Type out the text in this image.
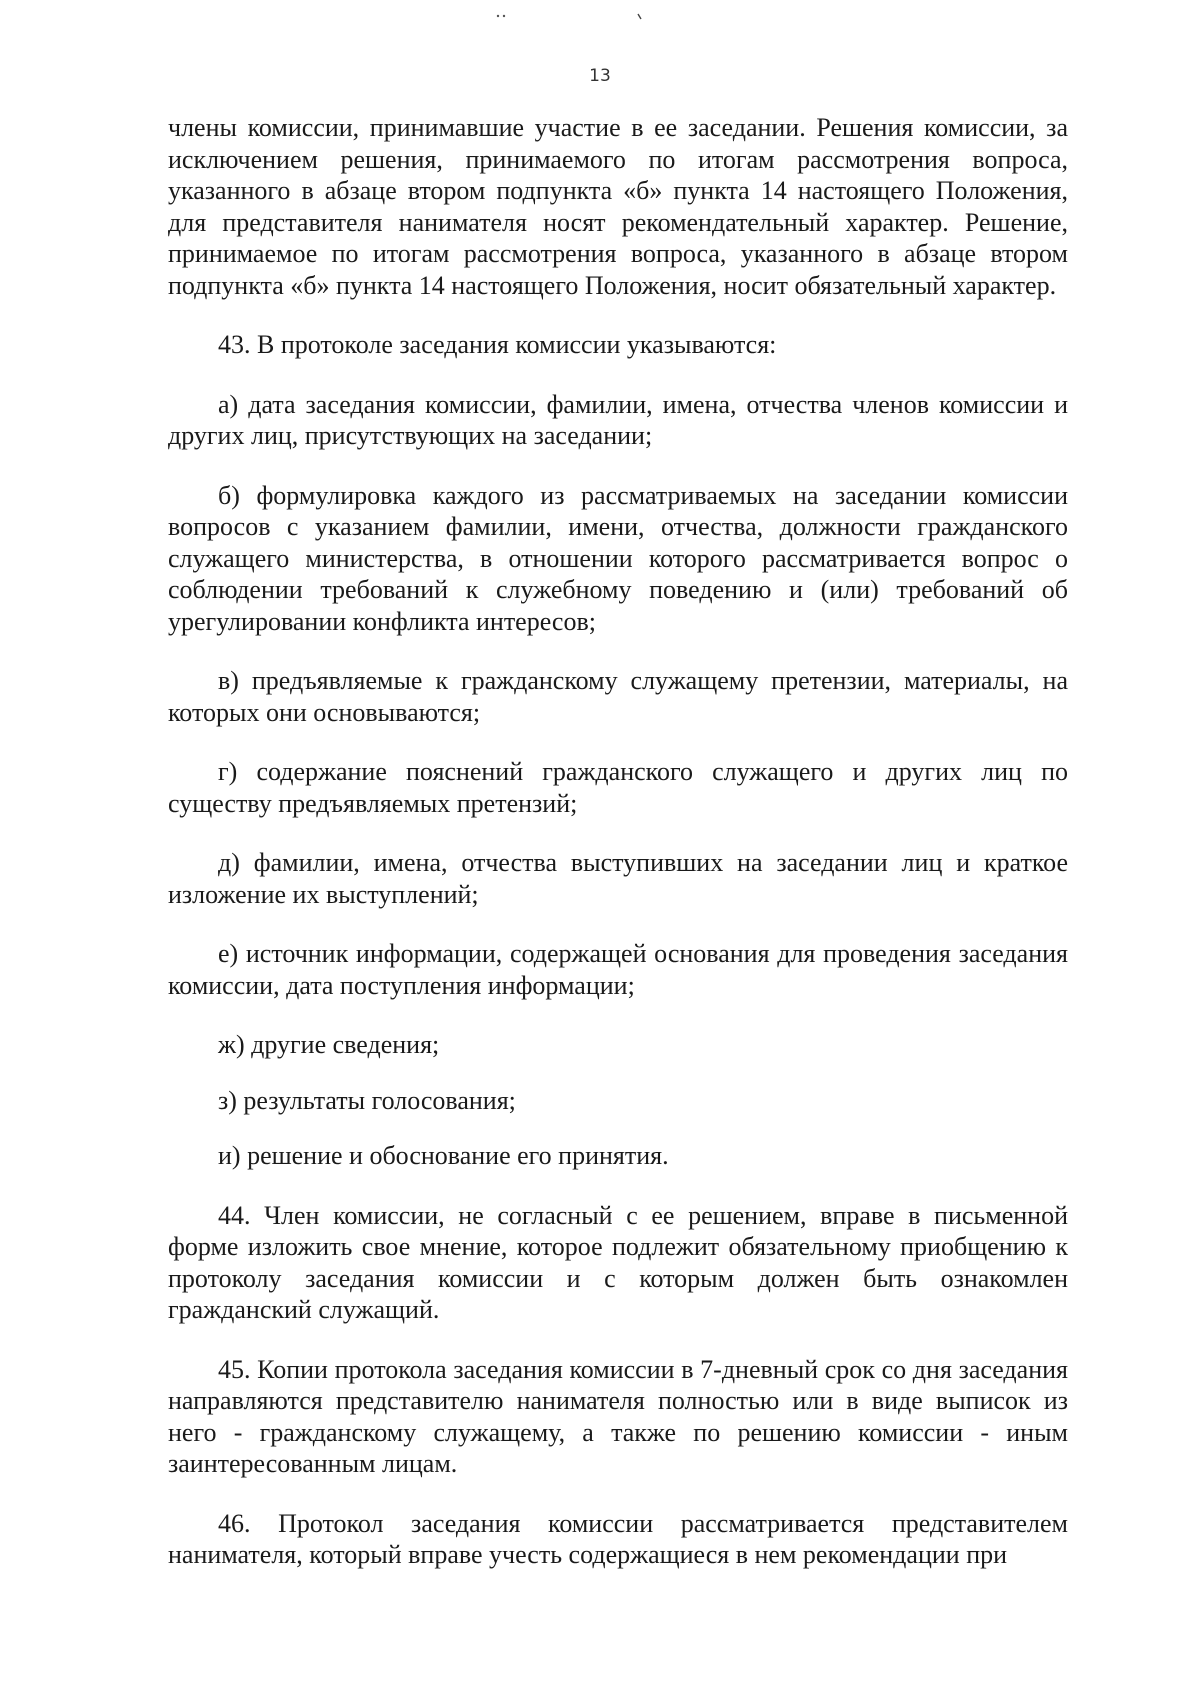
13

члены комиссии, принимавшие участие в ее заседании. Решения комиссии, за исключением решения, принимаемого по итогам рассмотрения вопроса, указанного в абзаце втором подпункта «б» пункта 14 настоящего Положения, для представителя нанимателя носят рекомендательный характер. Решение, принимаемое по итогам рассмотрения вопроса, указанного в абзаце втором подпункта «б» пункта 14 настоящего Положения, носит обязательный характер.

43. В протоколе заседания комиссии указываются:

а) дата заседания комиссии, фамилии, имена, отчества членов комиссии и других лиц, присутствующих на заседании;

б) формулировка каждого из рассматриваемых на заседании комиссии вопросов с указанием фамилии, имени, отчества, должности гражданского служащего министерства, в отношении которого рассматривается вопрос о соблюдении требований к служебному поведению и (или) требований об урегулировании конфликта интересов;

в) предъявляемые к гражданскому служащему претензии, материалы, на которых они основываются;

г) содержание пояснений гражданского служащего и других лиц по существу предъявляемых претензий;

д) фамилии, имена, отчества выступивших на заседании лиц и краткое изложение их выступлений;

е) источник информации, содержащей основания для проведения заседания комиссии, дата поступления информации;

ж) другие сведения;

з) результаты голосования;

и) решение и обоснование его принятия.

44. Член комиссии, не согласный с ее решением, вправе в письменной форме изложить свое мнение, которое подлежит обязательному приобщению к протоколу заседания комиссии и с которым должен быть ознакомлен гражданский служащий.

45. Копии протокола заседания комиссии в 7-дневный срок со дня заседания направляются представителю нанимателя полностью или в виде выписок из него - гражданскому служащему, а также по решению комиссии - иным заинтересованным лицам.

46. Протокол заседания комиссии рассматривается представителем нанимателя, который вправе учесть содержащиеся в нем рекомендации при
